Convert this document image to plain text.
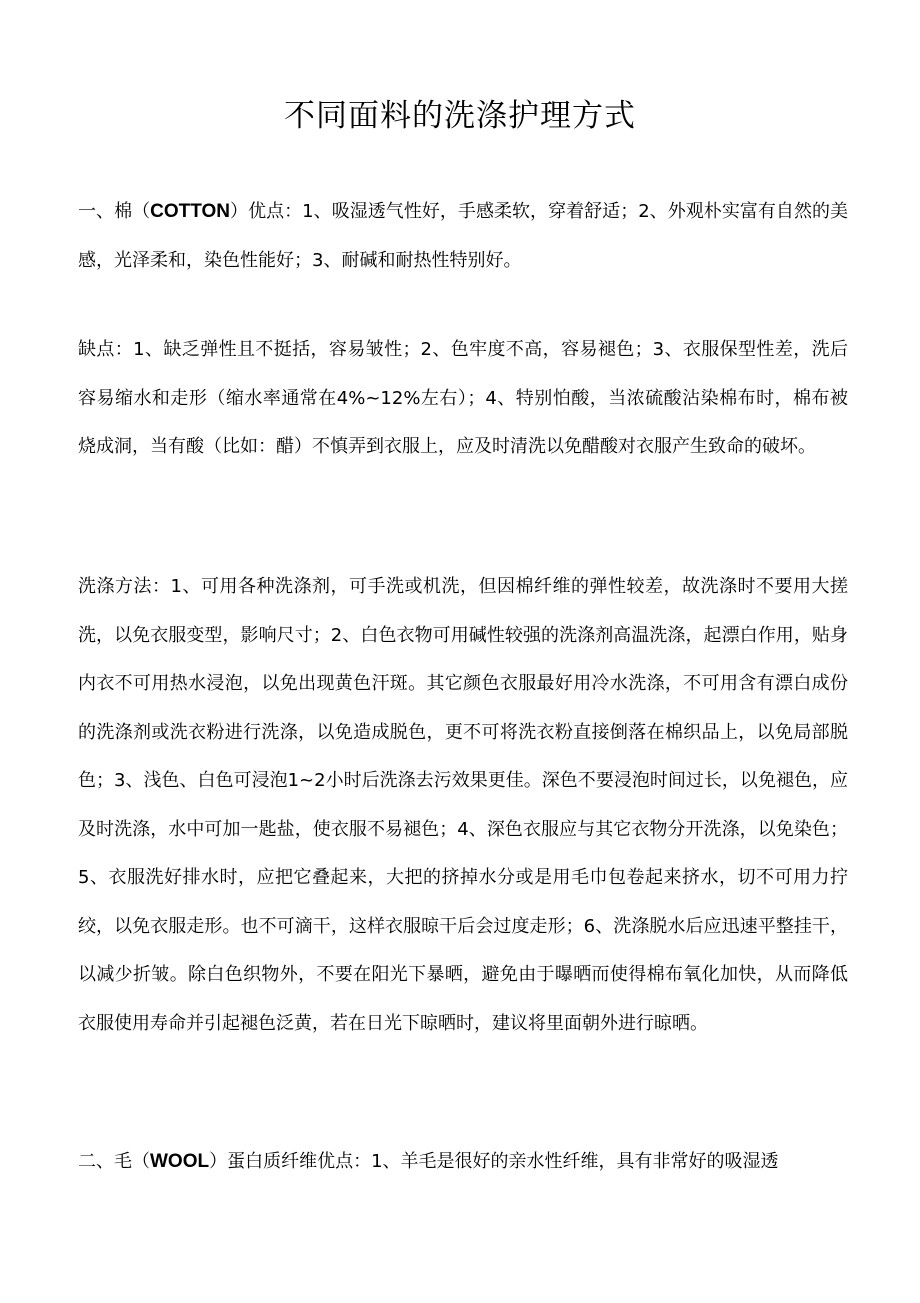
不同面料的洗涤护理方式

一、棉（COTTON）优点：1、吸湿透气性好，手感柔软，穿着舒适；2、外观朴实富有自然的美感，光泽柔和，染色性能好；3、耐碱和耐热性特别好。

缺点：1、缺乏弹性且不挺括，容易皱性；2、色牢度不高，容易褪色；3、衣服保型性差，洗后容易缩水和走形（缩水率通常在4%~12%左右）；4、特别怕酸，当浓硫酸沾染棉布时，棉布被烧成洞，当有酸（比如：醋）不慎弄到衣服上，应及时清洗以免醋酸对衣服产生致命的破坏。

洗涤方法：1、可用各种洗涤剂，可手洗或机洗，但因棉纤维的弹性较差，故洗涤时不要用大搓洗，以免衣服变型，影响尺寸；2、白色衣物可用碱性较强的洗涤剂高温洗涤，起漂白作用，贴身内衣不可用热水浸泡，以免出现黄色汗斑。其它颜色衣服最好用冷水洗涤，不可用含有漂白成份的洗涤剂或洗衣粉进行洗涤，以免造成脱色，更不可将洗衣粉直接倒落在棉织品上，以免局部脱色；3、浅色、白色可浸泡1~2小时后洗涤去污效果更佳。深色不要浸泡时间过长，以免褪色，应及时洗涤，水中可加一匙盐，使衣服不易褪色；4、深色衣服应与其它衣物分开洗涤，以免染色；5、衣服洗好排水时，应把它叠起来，大把的挤掉水分或是用毛巾包卷起来挤水，切不可用力拧绞，以免衣服走形。也不可滴干，这样衣服晾干后会过度走形；6、洗涤脱水后应迅速平整挂干，以减少折皱。除白色织物外，不要在阳光下暴晒，避免由于曝晒而使得棉布氧化加快，从而降低衣服使用寿命并引起褪色泛黄，若在日光下晾晒时，建议将里面朝外进行晾晒。

二、毛（WOOL）蛋白质纤维优点：1、羊毛是很好的亲水性纤维，具有非常好的吸湿透
